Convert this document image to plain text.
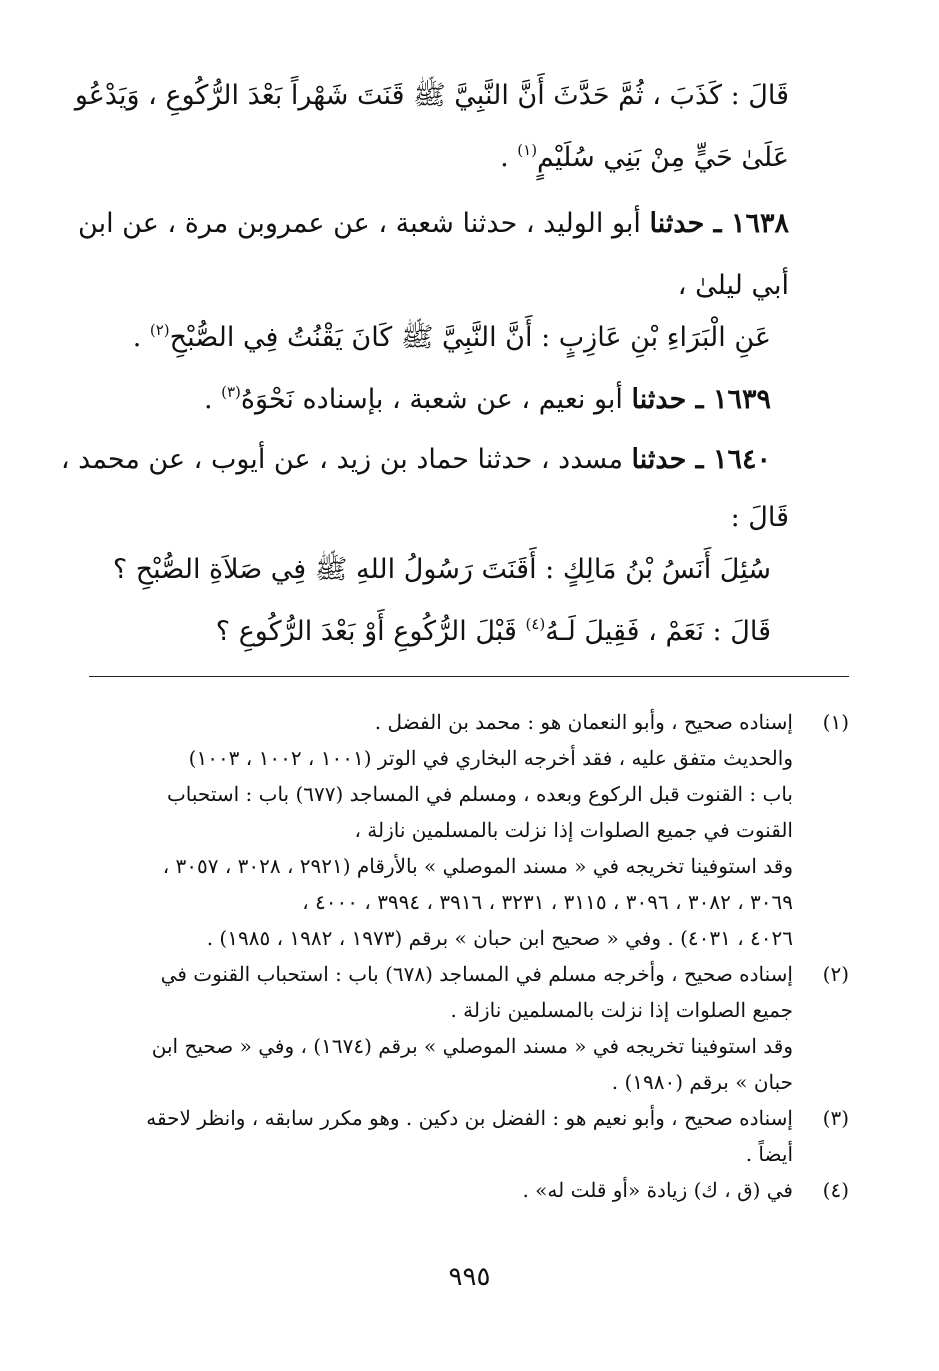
قَالَ : كَذَبَ ، ثُمَّ حَدَّثَ أَنَّ النَّبِيَّ ﷺ قَنَتَ شَهْراً بَعْدَ الرُّكُوعِ ، وَيَدْعُو
عَلَىٰ حَيٍّ مِنْ بَنِي سُلَيْمٍ$^{(١)}$ .
١٦٣٨ ـ حدثنا أبو الوليد ، حدثنا شعبة ، عن عمروبن مرة ، عن ابن
أبي ليلىٰ ،
عَنِ الْبَرَاءِ بْنِ عَازِبٍ : أَنَّ النَّبِيَّ ﷺ كَانَ يَقْنُتُ فِي الصُّبْحِ$^{(٢)}$ .
١٦٣٩ ـ حدثنا أبو نعيم ، عن شعبة ، بإسناده نَحْوَهُ$^{(٣)}$ .
١٦٤٠ ـ حدثنا مسدد ، حدثنا حماد بن زيد ، عن أيوب ، عن محمد ،
قَالَ :
سُئِلَ أَنَسُ بْنُ مَالِكٍ : أَقَنَتَ رَسُولُ اللهِ ﷺ فِي صَلاَةِ الصُّبْحِ ؟
قَالَ : نَعَمْ ، فَقِيلَ لَـهُ$^{(٤)}$ قَبْلَ الرُّكُوعِ أَوْ بَعْدَ الرُّكُوعِ ؟
(١)
إسناده صحيح ، وأبو النعمان هو : محمد بن الفضل .
والحديث متفق عليه ، فقد أخرجه البخاري في الوتر (١٠٠١ ، ١٠٠٢ ، ١٠٠٣)
باب : القنوت قبل الركوع وبعده ، ومسلم في المساجد (٦٧٧) باب : استحباب
القنوت في جميع الصلوات إذا نزلت بالمسلمين نازلة ،
وقد استوفينا تخريجه في « مسند الموصلي » بالأرقام (٢٩٢١ ، ٣٠٢٨ ، ٣٠٥٧ ،
٣٠٦٩ ، ٣٠٨٢ ، ٣٠٩٦ ، ٣١١٥ ، ٣٢٣١ ، ٣٩١٦ ، ٣٩٩٤ ، ٤٠٠٠ ،
٤٠٢٦ ، ٤٠٣١) . وفي « صحيح ابن حبان » برقم (١٩٧٣ ، ١٩٨٢ ، ١٩٨٥) .
(٢)
إسناده صحيح ، وأخرجه مسلم في المساجد (٦٧٨) باب : استحباب القنوت في
جميع الصلوات إذا نزلت بالمسلمين نازلة .
وقد استوفينا تخريجه في « مسند الموصلي » برقم (١٦٧٤) ، وفي « صحيح ابن
حبان » برقم (١٩٨٠) .
(٣)
إسناده صحيح ، وأبو نعيم هو : الفضل بن دكين . وهو مكرر سابقه ، وانظر لاحقه
أيضاً .
(٤)
في (ق ، ك) زيادة «أو قلت له» .
٩٩٥
